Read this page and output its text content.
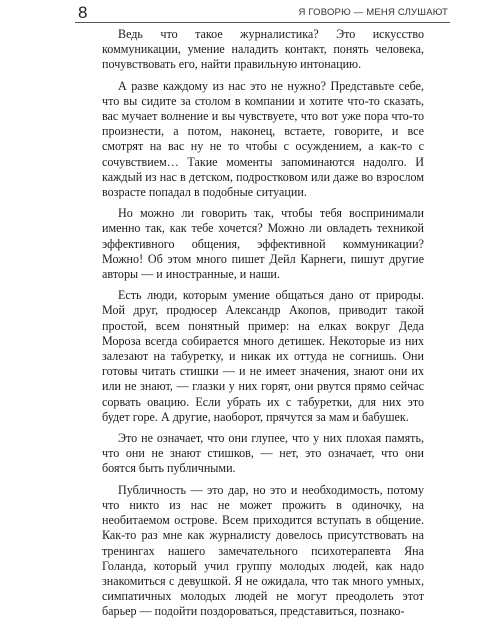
8	Я ГОВОРЮ — МЕНЯ СЛУШАЮТ

Ведь что такое журналистика? Это искусство коммуникации, умение наладить контакт, понять человека, почувствовать его, найти правильную интонацию.

А разве каждому из нас это не нужно? Представьте себе, что вы сидите за столом в компании и хотите что-то сказать, вас мучает волнение и вы чувствуете, что вот уже пора что-то произнести, а потом, наконец, встаете, говорите, и все смотрят на вас ну не то чтобы с осуждением, а как-то с сочувствием… Такие моменты запоминаются надолго. И каждый из нас в детском, подростковом или даже во взрослом возрасте попадал в подобные ситуации.

Но можно ли говорить так, чтобы тебя воспринимали именно так, как тебе хочется? Можно ли овладеть техникой эффективного общения, эффективной коммуникации? Можно! Об этом много пишет Дейл Карнеги, пишут другие авторы — и иностранные, и наши.

Есть люди, которым умение общаться дано от природы. Мой друг, продюсер Александр Акопов, приводит такой простой, всем понятный пример: на елках вокруг Деда Мороза всегда собирается много детишек. Некоторые из них залезают на табуретку, и никак их оттуда не согнишь. Они готовы читать стишки — и не имеет значения, знают они их или не знают, — глазки у них горят, они рвутся прямо сейчас сорвать овацию. Если убрать их с табуретки, для них это будет горе. А другие, наоборот, прячутся за мам и бабушек.

Это не означает, что они глупее, что у них плохая память, что они не знают стишков, — нет, это означает, что они боятся быть публичными.

Публичность — это дар, но это и необходимость, потому что никто из нас не может прожить в одиночку, на необитаемом острове. Всем приходится вступать в общение. Как-то раз мне как журналисту довелось присутствовать на тренингах нашего замечательного психотерапевта Яна Голанда, который учил группу молодых людей, как надо знакомиться с девушкой. Я не ожидала, что так много умных, симпатичных молодых людей не могут преодолеть этот барьер — подойти поздороваться, представиться, познако-
